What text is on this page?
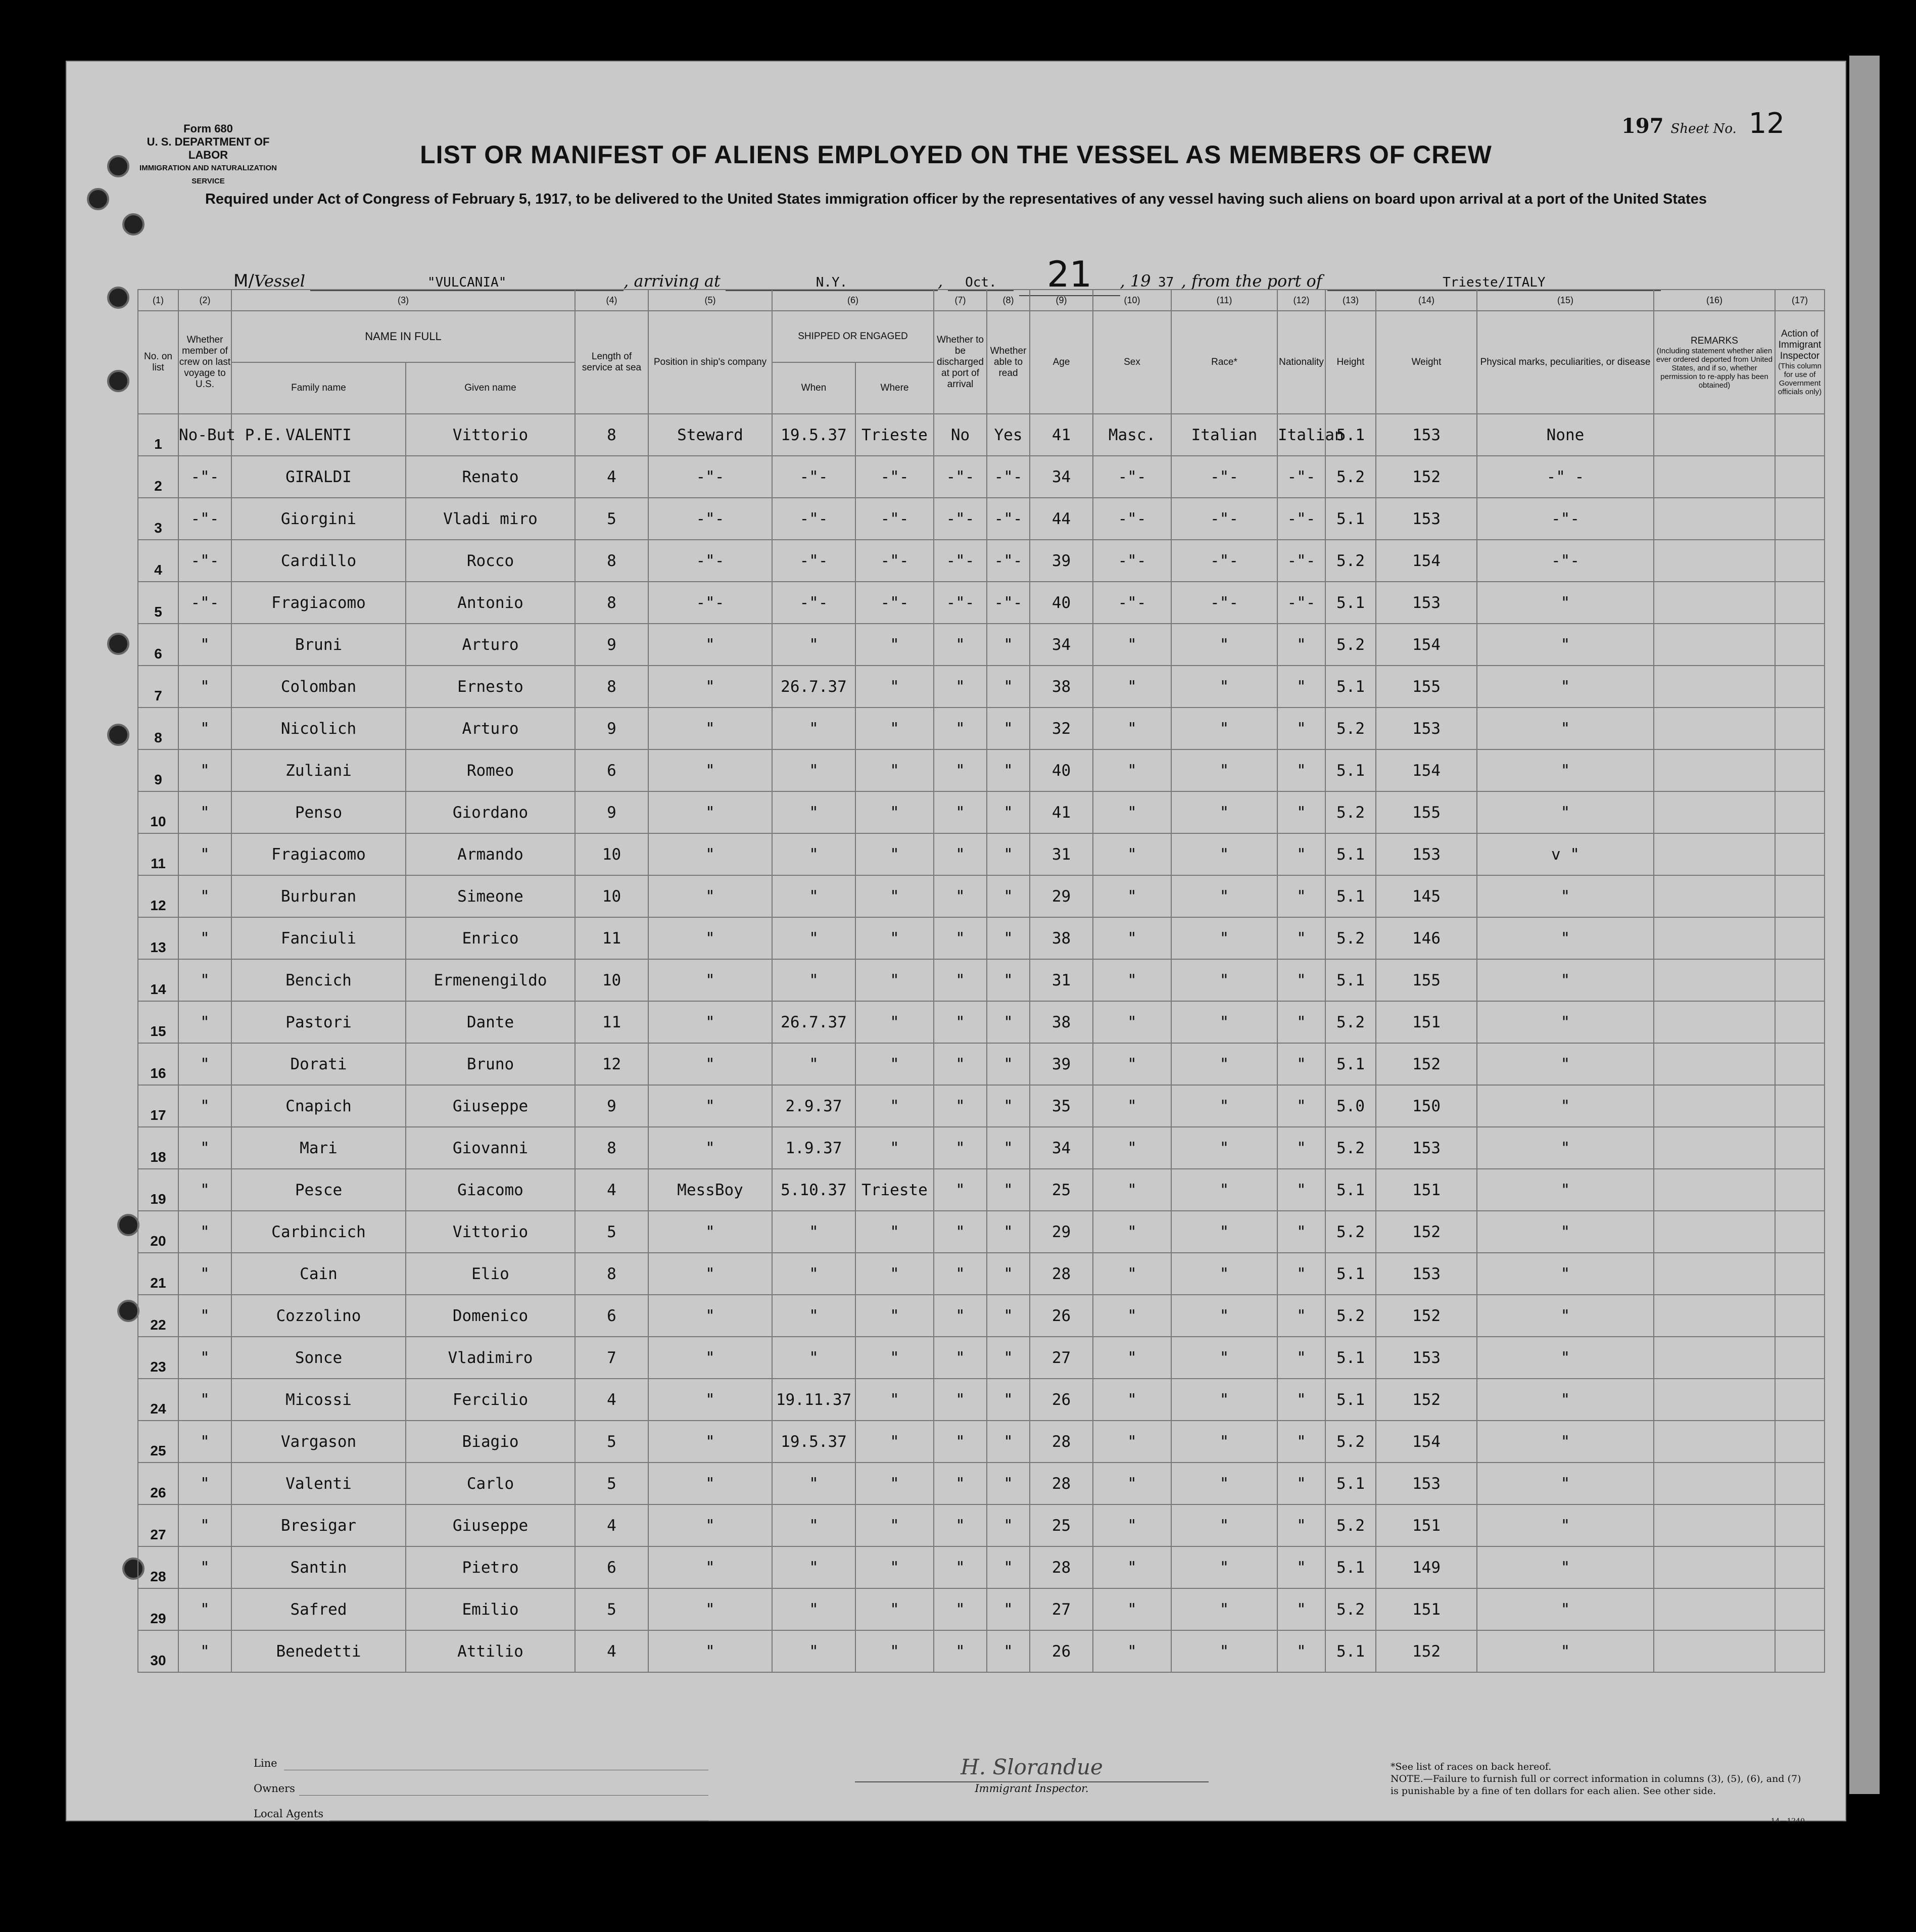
Form 680
U. S. DEPARTMENT OF LABOR
IMMIGRATION AND NATURALIZATION SERVICE
197 Sheet No. 12
LIST OR MANIFEST OF ALIENS EMPLOYED ON THE VESSEL AS MEMBERS OF CREW
Required under Act of Congress of February 5, 1917, to be delivered to the United States immigration officer by the representatives of any vessel having such aliens on board upon arrival at a port of the United States
M/Vessel	"VULCANIA"	, arriving at	N.Y.	, Oct. 21 , 19 37 , from the port of	Trieste/ITALY
(1)	(2)	(3)		(4)	(5)	(6)		(7)	(8)	(9)	(10)	(11)	(12)	(13)	(14)	(15)	(16)	(17)
No. on list	Whether member of crew on last voyage to U.S.	NAME IN FULL		Length of service at sea	Position in ship's company	SHIPPED OR ENGAGED		Whether to be discharged at port of arrival	Whether able to read	Age	Sex	Race*	Nationality	Height	Weight	Physical marks, peculiarities, or disease	REMARKS
(Including statement whether alien ever ordered deported from United States, and if so, whether permission to re-apply has been obtained)	Action of Immigrant Inspector
(This column for use of Government officials only)

		Family name	Given name			When	Where											
1	No-But P.E.	VALENTI	Vittorio	8	Steward	19.5.37	Trieste	No	Yes	41	Masc.	Italian	Italian	5.1	153	None		
2	-"-	GIRALDI	Renato	4	-"-	-"-	-"-	-"-	-"-	34	-"-	-"-	-"-	5.2	152	-" -		
3	-"-	Giorgini	Vladi miro	5	-"-	-"-	-"-	-"-	-"-	44	-"-	-"-	-"-	5.1	153	-"-		
4	-"-	Cardillo	Rocco	8	-"-	-"-	-"-	-"-	-"-	39	-"-	-"-	-"-	5.2	154	-"-		
5	-"-	Fragiacomo	Antonio	8	-"-	-"-	-"-	-"-	-"-	40	-"-	-"-	-"-	5.1	153	"		
6	"	Bruni	Arturo	9	"	"	"	"	"	34	"	"	"	5.2	154	"		
7	"	Colomban	Ernesto	8	"	26.7.37	"	"	"	38	"	"	"	5.1	155	"		
8	"	Nicolich	Arturo	9	"	"	"	"	"	32	"	"	"	5.2	153	"		
9	"	Zuliani	Romeo	6	"	"	"	"	"	40	"	"	"	5.1	154	"		
10	"	Penso	Giordano	9	"	"	"	"	"	41	"	"	"	5.2	155	"		
11	"	Fragiacomo	Armando	10	"	"	"	"	"	31	"	"	"	5.1	153	v "		
12	"	Burburan	Simeone	10	"	"	"	"	"	29	"	"	"	5.1	145	"		
13	"	Fanciuli	Enrico	11	"	"	"	"	"	38	"	"	"	5.2	146	"		
14	"	Bencich	Ermenengildo	10	"	"	"	"	"	31	"	"	"	5.1	155	"		
15	"	Pastori	Dante	11	"	26.7.37	"	"	"	38	"	"	"	5.2	151	"		
16	"	Dorati	Bruno	12	"	"	"	"	"	39	"	"	"	5.1	152	"		
17	"	Cnapich	Giuseppe	9	"	2.9.37	"	"	"	35	"	"	"	5.0	150	"		
18	"	Mari	Giovanni	8	"	1.9.37	"	"	"	34	"	"	"	5.2	153	"		
19	"	Pesce	Giacomo	4	MessBoy	5.10.37	Trieste	"	"	25	"	"	"	5.1	151	"		
20	"	Carbincich	Vittorio	5	"	"	"	"	"	29	"	"	"	5.2	152	"		
21	"	Cain	Elio	8	"	"	"	"	"	28	"	"	"	5.1	153	"		
22	"	Cozzolino	Domenico	6	"	"	"	"	"	26	"	"	"	5.2	152	"		
23	"	Sonce	Vladimiro	7	"	"	"	"	"	27	"	"	"	5.1	153	"		
24	"	Micossi	Fercilio	4	"	19.11.37	"	"	"	26	"	"	"	5.1	152	"		
25	"	Vargason	Biagio	5	"	19.5.37	"	"	"	28	"	"	"	5.2	154	"		
26	"	Valenti	Carlo	5	"	"	"	"	"	28	"	"	"	5.1	153	"		
27	"	Bresigar	Giuseppe	4	"	"	"	"	"	25	"	"	"	5.2	151	"		
28	"	Santin	Pietro	6	"	"	"	"	"	28	"	"	"	5.1	149	"		
29	"	Safred	Emilio	5	"	"	"	"	"	27	"	"	"	5.2	151	"		
30	"	Benedetti	Attilio	4	"	"	"	"	"	26	"	"	"	5.1	152	"		
Line
Owners
Local Agents
H. Slorandue
Immigrant Inspector.
*See list of races on back hereof.
NOTE.—Failure to furnish full or correct information in columns (3), (5), (6), and (7) is punishable by a fine of ten dollars for each alien. See other side.
14—1240
